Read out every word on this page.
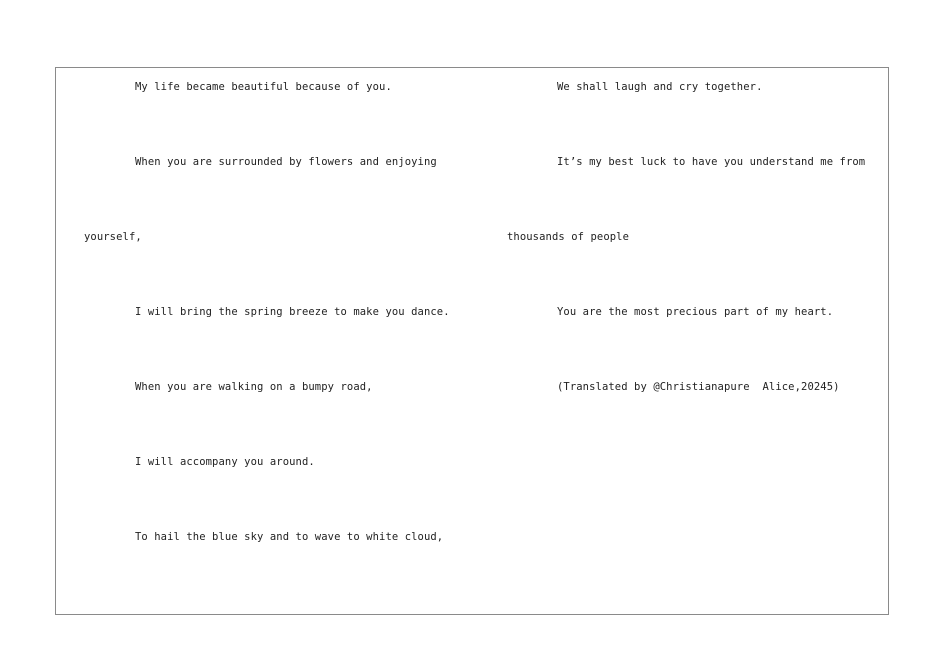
My life became beautiful because of you.
When you are surrounded by flowers and enjoying
yourself,
I will bring the spring breeze to make you dance.
When you are walking on a bumpy road,
I will accompany you around.
To hail the blue sky and to wave to white cloud,
We shall laugh and cry together.
It’s my best luck to have you understand me from
thousands of people
You are the most precious part of my heart.
(Translated by @Christianapure  Alice,20245)
